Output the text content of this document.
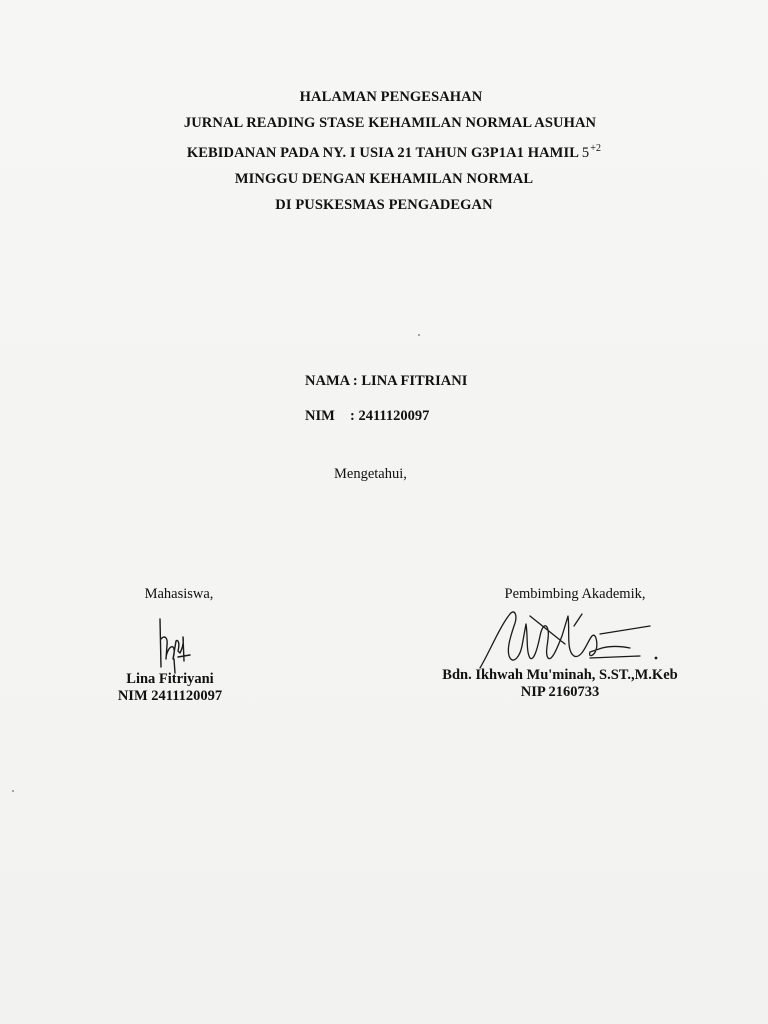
HALAMAN PENGESAHAN
JURNAL READING STASE KEHAMILAN NORMAL ASUHAN
KEBIDANAN PADA NY. I USIA 21 TAHUN G3P1A1 HAMIL $5^{+2}$
MINGGU DENGAN KEHAMILAN NORMAL
DI PUSKESMAS PENGADEGAN
NAMA : LINA FITRIANI
NIM : 2411120097
Mengetahui,
Mahasiswa,
Lina Fitriyani
NIM 2411120097
Pembimbing Akademik,
Bdn. Ikhwah Mu'minah, S.ST.,M.Keb
NIP 2160733
